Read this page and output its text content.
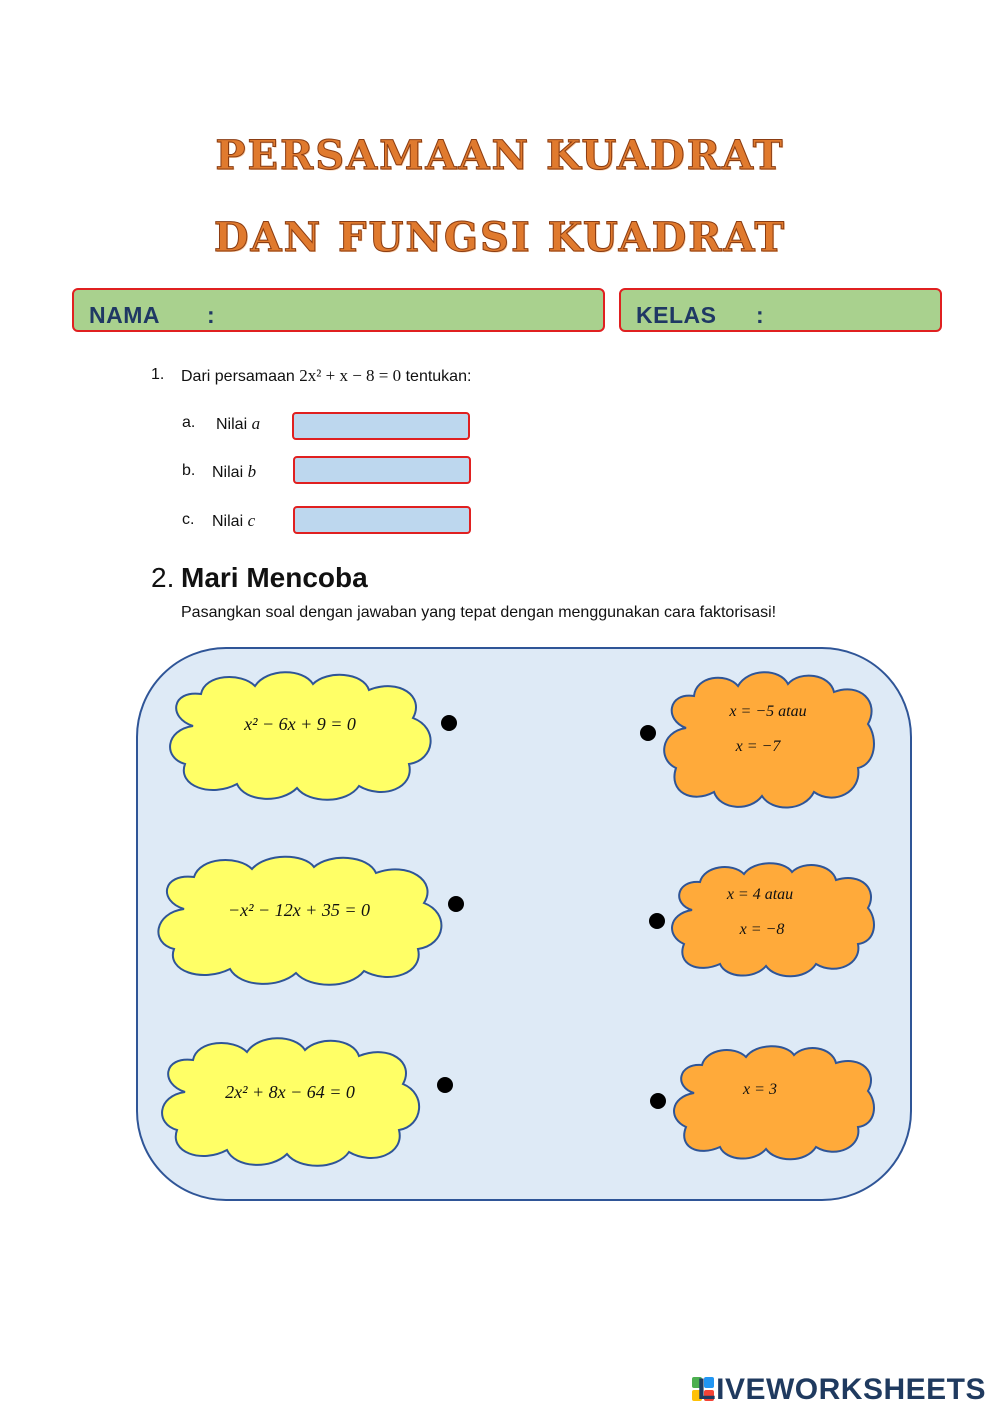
PERSAMAAN KUADRAT
DAN FUNGSI KUADRAT
NAMA :	KELAS :
1. Dari persamaan 2x² + x − 8 = 0 tentukan:
a. Nilai a
b. Nilai b
c. Nilai c
2. Mari Mencoba
Pasangkan soal dengan jawaban yang tepat dengan menggunakan cara faktorisasi!
x² − 6x + 9 = 0
−x² − 12x + 35 = 0
2x² + 8x − 64 = 0
x = −5 atau
x = −7
x = 4 atau
x = −8
x = 3
LIVEWORKSHEETS
